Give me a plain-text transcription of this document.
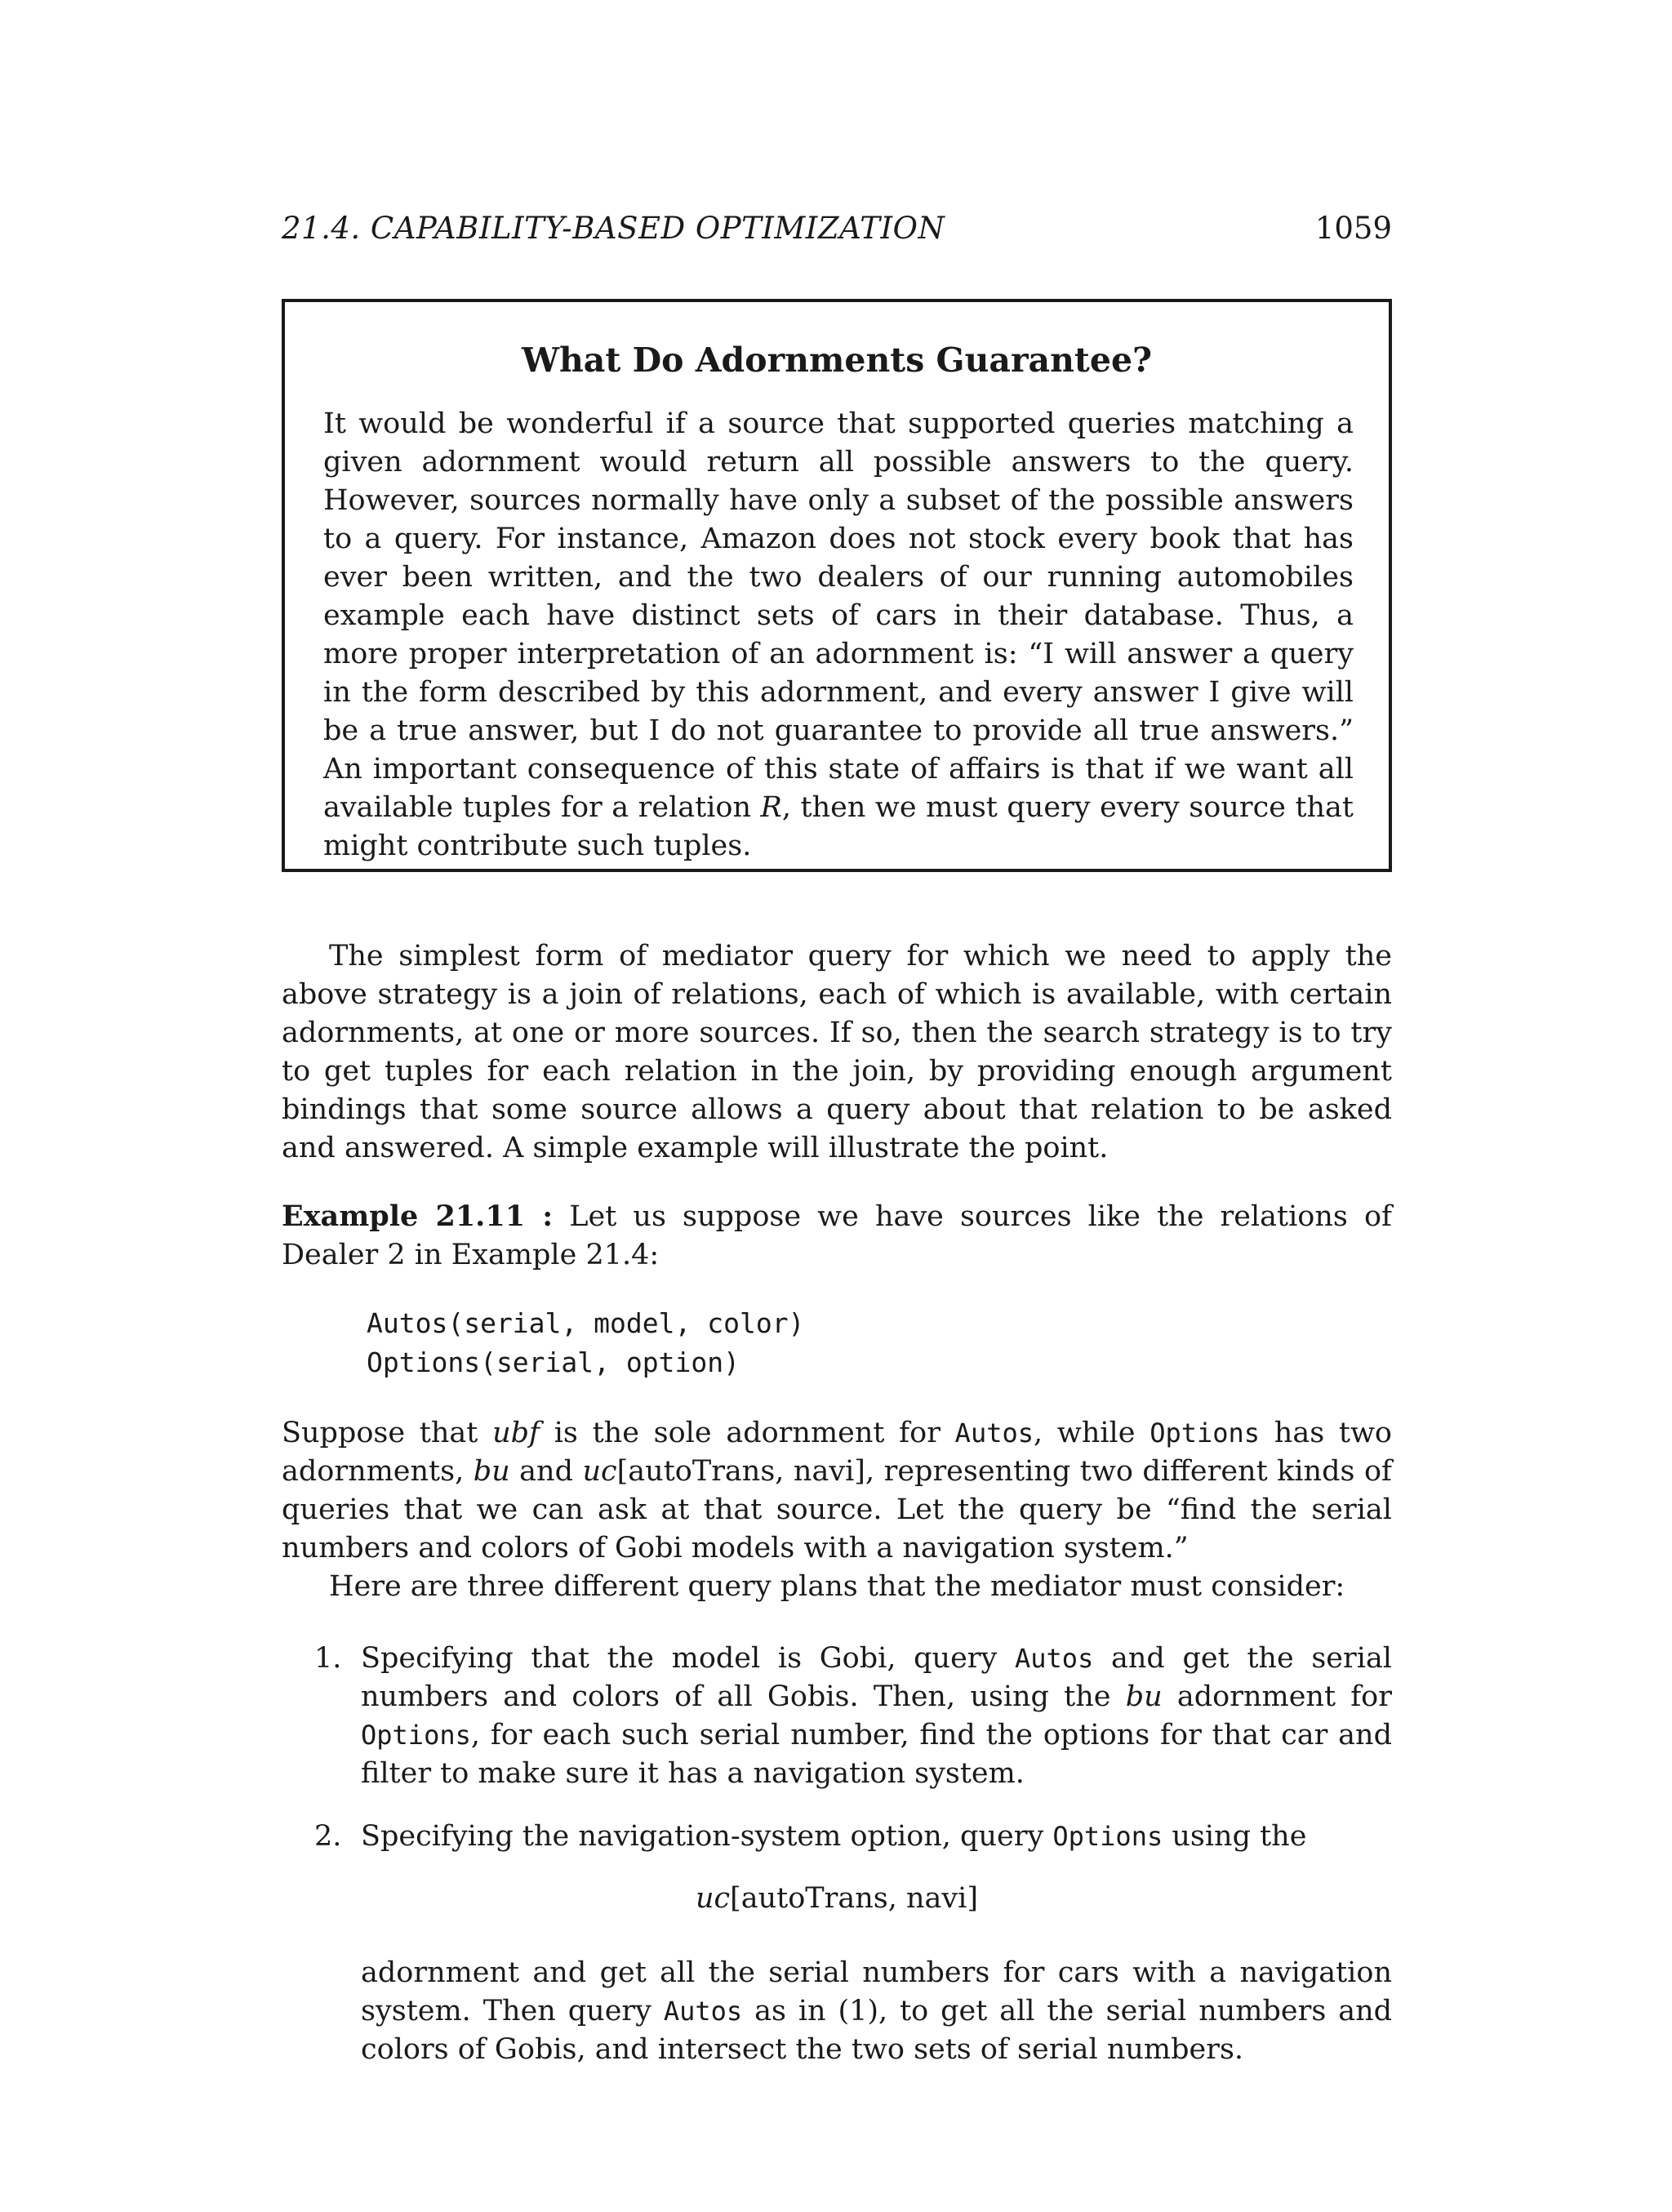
21.4. CAPABILITY-BASED OPTIMIZATION	1059
What Do Adornments Guarantee?
It would be wonderful if a source that supported queries matching a given adornment would return all possible answers to the query. However, sources normally have only a subset of the possible answers to a query. For instance, Amazon does not stock every book that has ever been written, and the two dealers of our running automobiles example each have distinct sets of cars in their database. Thus, a more proper interpretation of an adornment is: “I will answer a query in the form described by this adornment, and every answer I give will be a true answer, but I do not guarantee to provide all true answers.” An important consequence of this state of affairs is that if we want all available tuples for a relation R, then we must query every source that might contribute such tuples.
The simplest form of mediator query for which we need to apply the above strategy is a join of relations, each of which is available, with certain adornments, at one or more sources. If so, then the search strategy is to try to get tuples for each relation in the join, by providing enough argument bindings that some source allows a query about that relation to be asked and answered. A simple example will illustrate the point.
Example 21.11 : Let us suppose we have sources like the relations of Dealer 2 in Example 21.4:
Autos(serial, model, color)
Options(serial, option)
Suppose that ubf is the sole adornment for Autos, while Options has two adornments, bu and uc[autoTrans, navi], representing two different kinds of queries that we can ask at that source. Let the query be “find the serial numbers and colors of Gobi models with a navigation system.”
Here are three different query plans that the mediator must consider:
1. Specifying that the model is Gobi, query Autos and get the serial numbers and colors of all Gobis. Then, using the bu adornment for Options, for each such serial number, find the options for that car and filter to make sure it has a navigation system.
2. Specifying the navigation-system option, query Options using the
uc[autoTrans, navi]
adornment and get all the serial numbers for cars with a navigation system. Then query Autos as in (1), to get all the serial numbers and colors of Gobis, and intersect the two sets of serial numbers.
